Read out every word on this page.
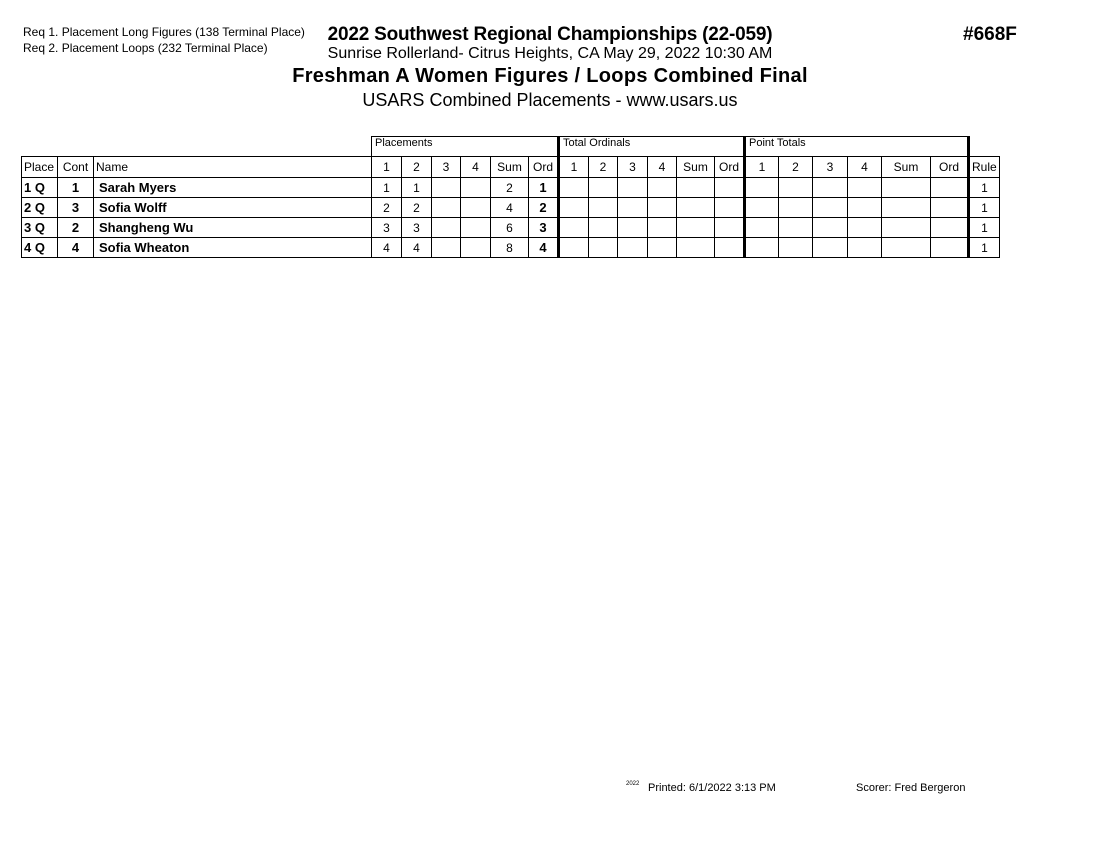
Req 1. Placement Long Figures (138 Terminal Place)
Req 2. Placement Loops (232 Terminal Place)
2022 Southwest Regional Championships (22-059)
Sunrise Rollerland- Citrus Heights, CA May 29, 2022 10:30 AM
Freshman A Women Figures / Loops Combined Final
USARS Combined Placements - www.usars.us
#668F
			Placements						Total Ordinals						Point Totals						
Place	Cont	Name	1	2	3	4	Sum	Ord	1	2	3	4	Sum	Ord	1	2	3	4	Sum	Ord	Rule
1 Q	1	Sarah Myers	1	1			2	1													1
2 Q	3	Sofia Wolff	2	2			4	2													1
3 Q	2	Shangheng Wu	3	3			6	3													1
4 Q	4	Sofia Wheaton	4	4			8	4													1
2022 Printed: 6/1/2022 3:13 PM	Scorer: Fred Bergeron
